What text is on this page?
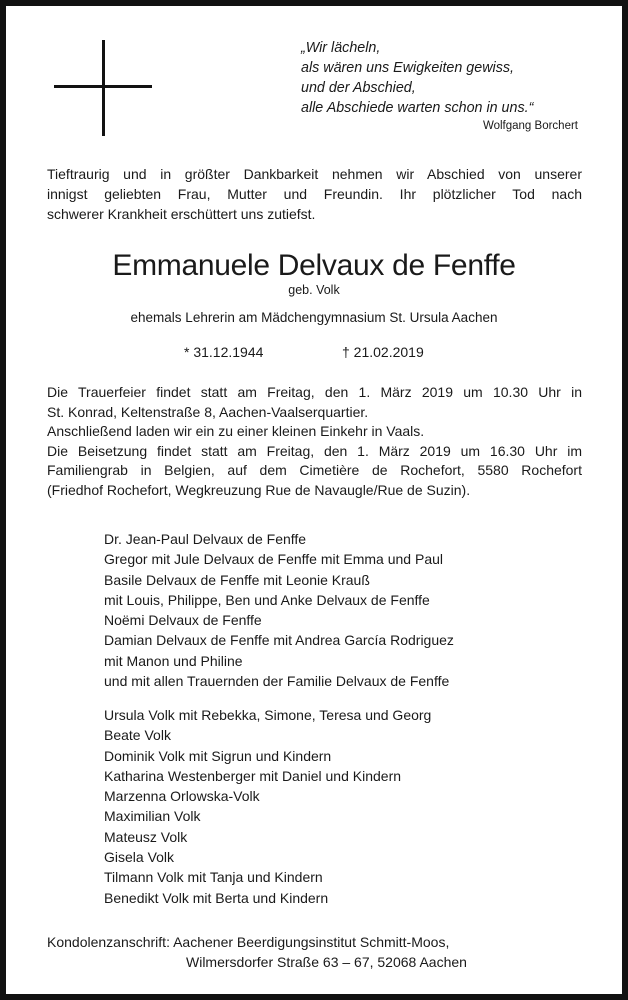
„Wir lächeln,
als wären uns Ewigkeiten gewiss,
und der Abschied,
alle Abschiede warten schon in uns.“
Wolfgang Borchert
Tieftraurig und in größter Dankbarkeit nehmen wir Abschied von unserer
innigst geliebten Frau, Mutter und Freundin. Ihr plötzlicher Tod nach
schwerer Krankheit erschüttert uns zutiefst.
Emmanuele Delvaux de Fenffe
geb. Volk
ehemals Lehrerin am Mädchengymnasium St. Ursula Aachen
* 31.12.1944	† 21.02.2019
Die Trauerfeier findet statt am Freitag, den 1. März 2019 um 10.30 Uhr in
St. Konrad, Keltenstraße 8, Aachen-Vaalserquartier.
Anschließend laden wir ein zu einer kleinen Einkehr in Vaals.
Die Beisetzung findet statt am Freitag, den 1. März 2019 um 16.30 Uhr im
Familiengrab in Belgien, auf dem Cimetière de Rochefort, 5580 Rochefort
(Friedhof Rochefort, Wegkreuzung Rue de Navaugle/Rue de Suzin).
Dr. Jean-Paul Delvaux de Fenffe
Gregor mit Jule Delvaux de Fenffe mit Emma und Paul
Basile Delvaux de Fenffe mit Leonie Krauß
mit Louis, Philippe, Ben und Anke Delvaux de Fenffe
Noëmi Delvaux de Fenffe
Damian Delvaux de Fenffe mit Andrea García Rodriguez
mit Manon und Philine
und mit allen Trauernden der Familie Delvaux de Fenffe
Ursula Volk mit Rebekka, Simone, Teresa und Georg
Beate Volk
Dominik Volk mit Sigrun und Kindern
Katharina Westenberger mit Daniel und Kindern
Marzenna Orlowska-Volk
Maximilian Volk
Mateusz Volk
Gisela Volk
Tilmann Volk mit Tanja und Kindern
Benedikt Volk mit Berta und Kindern
Kondolenzanschrift: Aachener Beerdigungsinstitut Schmitt-Moos,
Wilmersdorfer Straße 63 – 67, 52068 Aachen
